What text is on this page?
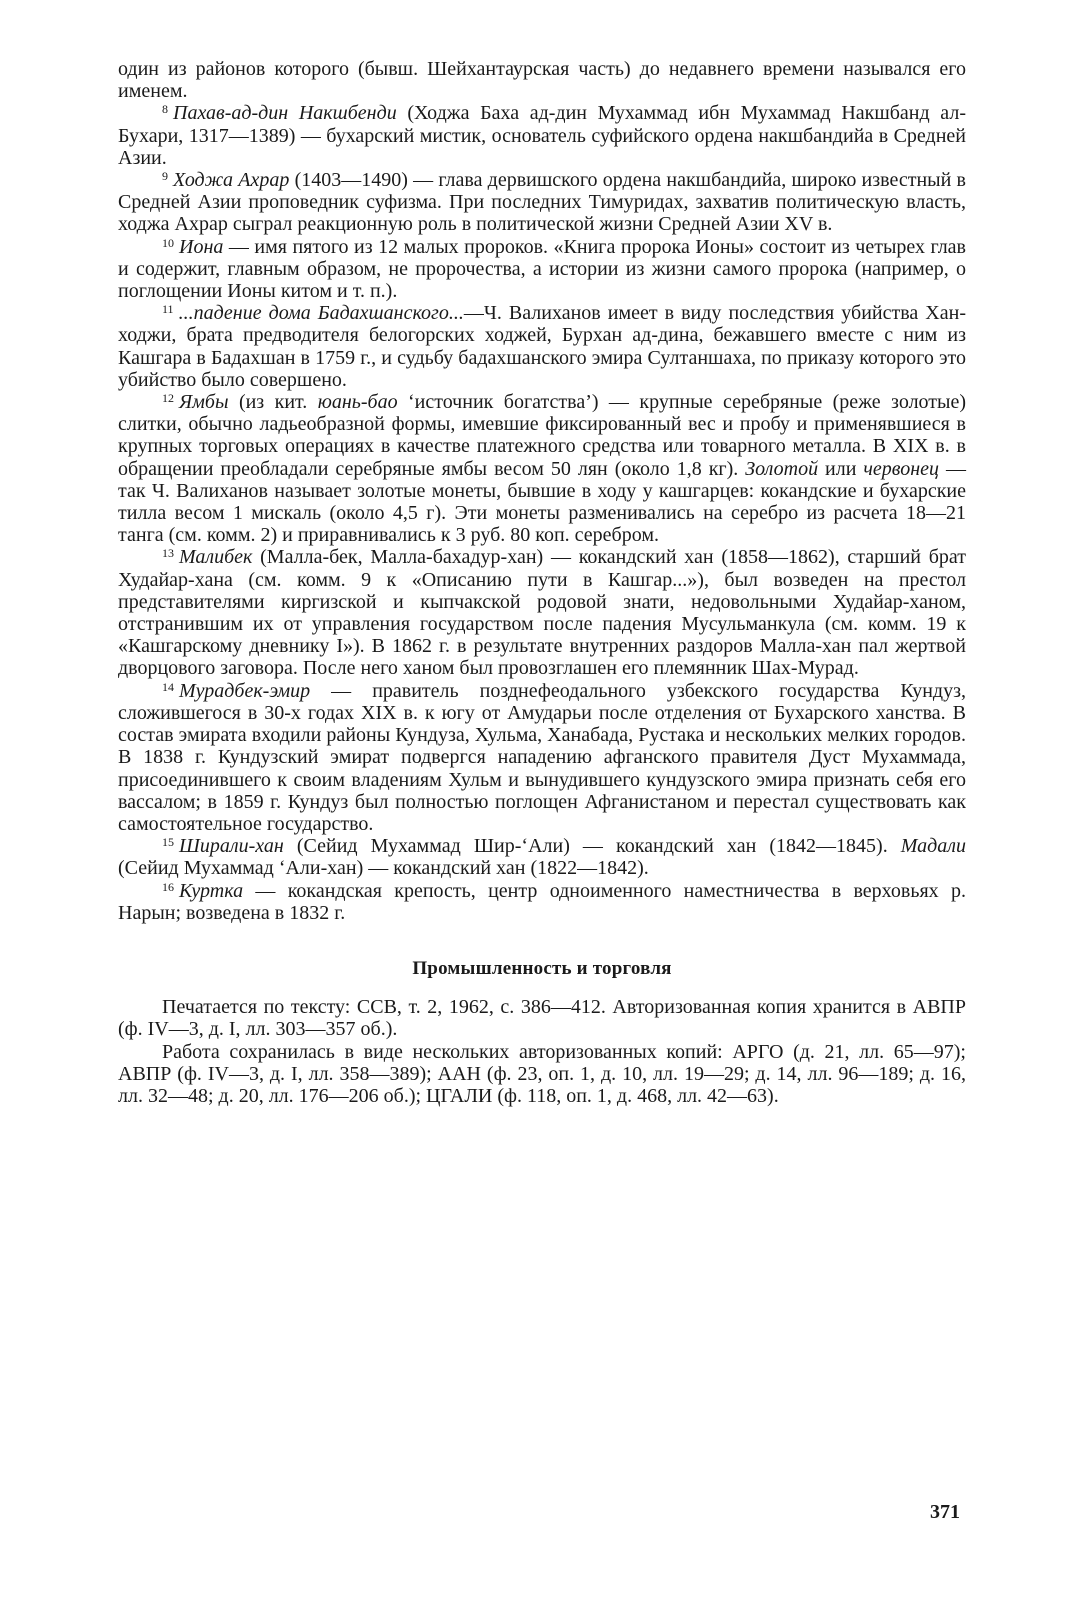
один из районов которого (бывш. Шейхантаурская часть) до недавнего времени назывался его именем.

$^8$ Пахав-ад-дин Накшбенди (Ходжа Баха ад-дин Мухаммад ибн Мухаммад Накшбанд ал-Бухари, 1317—1389) — бухарский мистик, основатель суфийского ордена накшбандийа в Средней Азии.

$^9$ Ходжа Ахрар (1403—1490) — глава дервишского ордена накшбандийа, широко известный в Средней Азии проповедник суфизма. При последних Тимуридах, захватив политическую власть, ходжа Ахрар сыграл реакционную роль в политической жизни Средней Азии XV в.

$^{10}$ Иона — имя пятого из 12 малых пророков. «Книга пророка Ионы» состоит из четырех глав и содержит, главным образом, не пророчества, а истории из жизни самого пророка (например, о поглощении Ионы китом и т. п.).

$^{11}$ ...падение дома Бадахшанского...—Ч. Валиханов имеет в виду последствия убийства Хан-ходжи, брата предводителя белогорских ходжей, Бурхан ад-дина, бежавшего вместе с ним из Кашгара в Бадахшан в 1759 г., и судьбу бадахшанского эмира Султаншаха, по приказу которого это убийство было совершено.

$^{12}$ Ямбы (из кит. юань-бао ‘источник богатства’) — крупные серебряные (реже золотые) слитки, обычно ладьеобразной формы, имевшие фиксированный вес и пробу и применявшиеся в крупных торговых операциях в качестве платежного средства или товарного металла. В XIX в. в обращении преобладали серебряные ямбы весом 50 лян (около 1,8 кг). Золотой или червонец — так Ч. Валиханов называет золотые монеты, бывшие в ходу у кашгарцев: кокандские и бухарские тилла весом 1 мискаль (около 4,5 г). Эти монеты разменивались на серебро из расчета 18—21 танга (см. комм. 2) и приравнивались к 3 руб. 80 коп. серебром.

$^{13}$ Малибек (Малла-бек, Малла-бахадур-хан) — кокандский хан (1858—1862), старший брат Худайар-хана (см. комм. 9 к «Описанию пути в Кашгар...»), был возведен на престол представителями киргизской и кыпчакской родовой знати, недовольными Худайар-ханом, отстранившим их от управления государством после падения Мусульманкула (см. комм. 19 к «Кашгарскому дневнику I»). В 1862 г. в результате внутренних раздоров Малла-хан пал жертвой дворцового заговора. После него ханом был провозглашен его племянник Шах-Мурад.

$^{14}$ Мурадбек-эмир — правитель позднефеодального узбекского государства Кундуз, сложившегося в 30-х годах XIX в. к югу от Амударьи после отделения от Бухарского ханства. В состав эмирата входили районы Кундуза, Хульма, Ханабада, Рустака и нескольких мелких городов. В 1838 г. Кундузский эмират подвергся нападению афганского правителя Дуст Мухаммада, присоединившего к своим владениям Хульм и вынудившего кундузского эмира признать себя его вассалом; в 1859 г. Кундуз был полностью поглощен Афганистаном и перестал существовать как самостоятельное государство.

$^{15}$ Ширали-хан (Сейид Мухаммад Шир-‘Али) — кокандский хан (1842—1845). Мадали (Сейид Мухаммад ‘Али-хан) — кокандский хан (1822—1842).

$^{16}$ Куртка — кокандская крепость, центр одноименного наместничества в верховьях р. Нарын; возведена в 1832 г.

Промышленность и торговля

Печатается по тексту: ССВ, т. 2, 1962, с. 386—412. Авторизованная копия хранится в АВПР (ф. IV—3, д. I, лл. 303—357 об.).

Работа сохранилась в виде нескольких авторизованных копий: АРГО (д. 21, лл. 65—97); АВПР (ф. IV—3, д. I, лл. 358—389); ААН (ф. 23, оп. 1, д. 10, лл. 19—29; д. 14, лл. 96—189; д. 16, лл. 32—48; д. 20, лл. 176—206 об.); ЦГАЛИ (ф. 118, оп. 1, д. 468, лл. 42—63).

371
